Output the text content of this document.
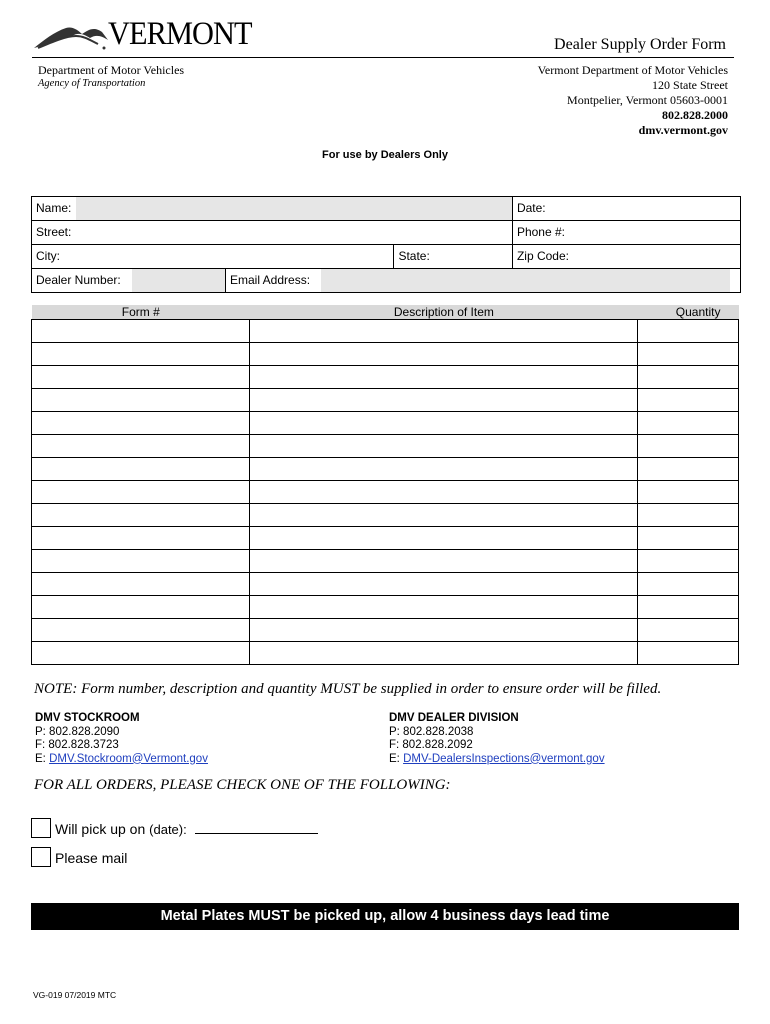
VERMONT	Dealer Supply Order Form
Department of Motor Vehicles
Agency of Transportation
Vermont Department of Motor Vehicles
120 State Street
Montpelier, Vermont 05603-0001
802.828.2000
dmv.vermont.gov
For use by Dealers Only
Name:	Date:
Street:	Phone #:
City:	State:	Zip Code:
Dealer Number:	Email Address:
Form #	Description of Item	Quantity

NOTE: Form number, description and quantity MUST be supplied in order to ensure order will be filled.
DMV STOCKROOM
P: 802.828.2090
F: 802.828.3723
E: DMV.Stockroom@Vermont.gov
DMV DEALER DIVISION
P: 802.828.2038
F: 802.828.2092
E: DMV-DealersInspections@vermont.gov
FOR ALL ORDERS, PLEASE CHECK ONE OF THE FOLLOWING:
Will pick up on (date):
Please mail
Metal Plates MUST be picked up, allow 4 business days lead time
VG-019 07/2019 MTC
